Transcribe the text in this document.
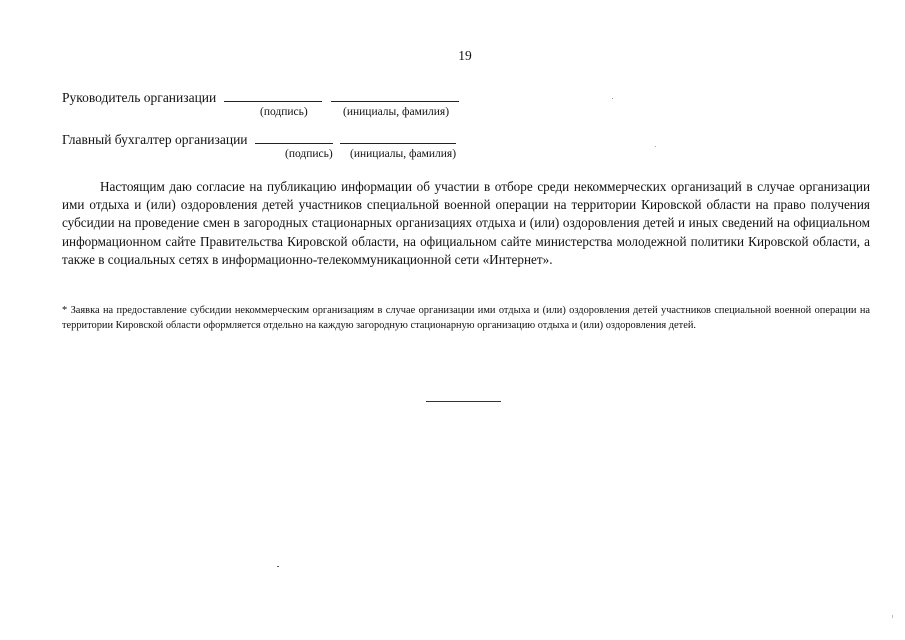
19
Руководитель организации
(подпись)	(инициалы, фамилия)
Главный бухгалтер организации
(подпись) (инициалы, фамилия)
Настоящим даю согласие на публикацию информации об участии в отборе среди некоммерческих организаций в случае организации ими отдыха и (или) оздоровления детей участников специальной военной операции на территории Кировской области на право получения субсидии на проведение смен в загородных стационарных организациях отдыха и (или) оздоровления детей и иных сведений на официальном информационном сайте Правительства Кировской области, на официальном сайте министерства молодежной политики Кировской области, а также в социальных сетях в информационно-телекоммуникационной сети «Интернет».
* Заявка на предоставление субсидии некоммерческим организациям в случае организации ими отдыха и (или) оздоровления детей участников специальной военной операции на территории Кировской области оформляется отдельно на каждую загородную стационарную организацию отдыха и (или) оздоровления детей.
